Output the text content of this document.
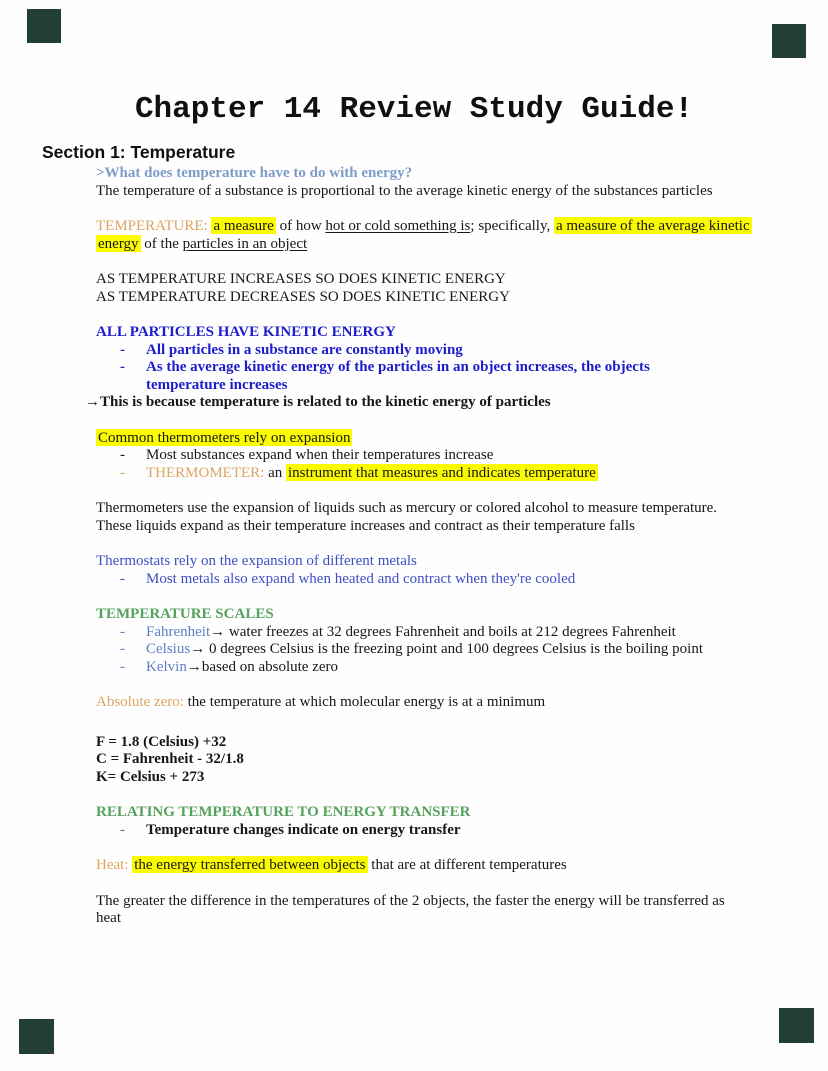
Chapter 14 Review Study Guide!
Section 1: Temperature
>What does temperature have to do with energy?
The temperature of a substance is proportional to the average kinetic energy of the substances particles
TEMPERATURE: a measure of how hot or cold something is; specifically, a measure of the average kinetic
energy of the particles in an object
AS TEMPERATURE INCREASES SO DOES KINETIC ENERGY
AS TEMPERATURE DECREASES SO DOES KINETIC ENERGY
ALL PARTICLES HAVE KINETIC ENERGY
- All particles in a substance are constantly moving
- As the average kinetic energy of the particles in an object increases, the objects
temperature increases
→This is because temperature is related to the kinetic energy of particles
Common thermometers rely on expansion
- Most substances expand when their temperatures increase
- THERMOMETER: an instrument that measures and indicates temperature
Thermometers use the expansion of liquids such as mercury or colored alcohol to measure temperature.
These liquids expand as their temperature increases and contract as their temperature falls
Thermostats rely on the expansion of different metals
- Most metals also expand when heated and contract when they're cooled
TEMPERATURE SCALES
- Fahrenheit→ water freezes at 32 degrees Fahrenheit and boils at 212 degrees Fahrenheit
- Celsius→ 0 degrees Celsius is the freezing point and 100 degrees Celsius is the boiling point
- Kelvin→based on absolute zero
Absolute zero: the temperature at which molecular energy is at a minimum
F = 1.8 (Celsius) +32
C = Fahrenheit - 32/1.8
K= Celsius + 273
RELATING TEMPERATURE TO ENERGY TRANSFER
- Temperature changes indicate on energy transfer
Heat: the energy transferred between objects that are at different temperatures
The greater the difference in the temperatures of the 2 objects, the faster the energy will be transferred as
heat
